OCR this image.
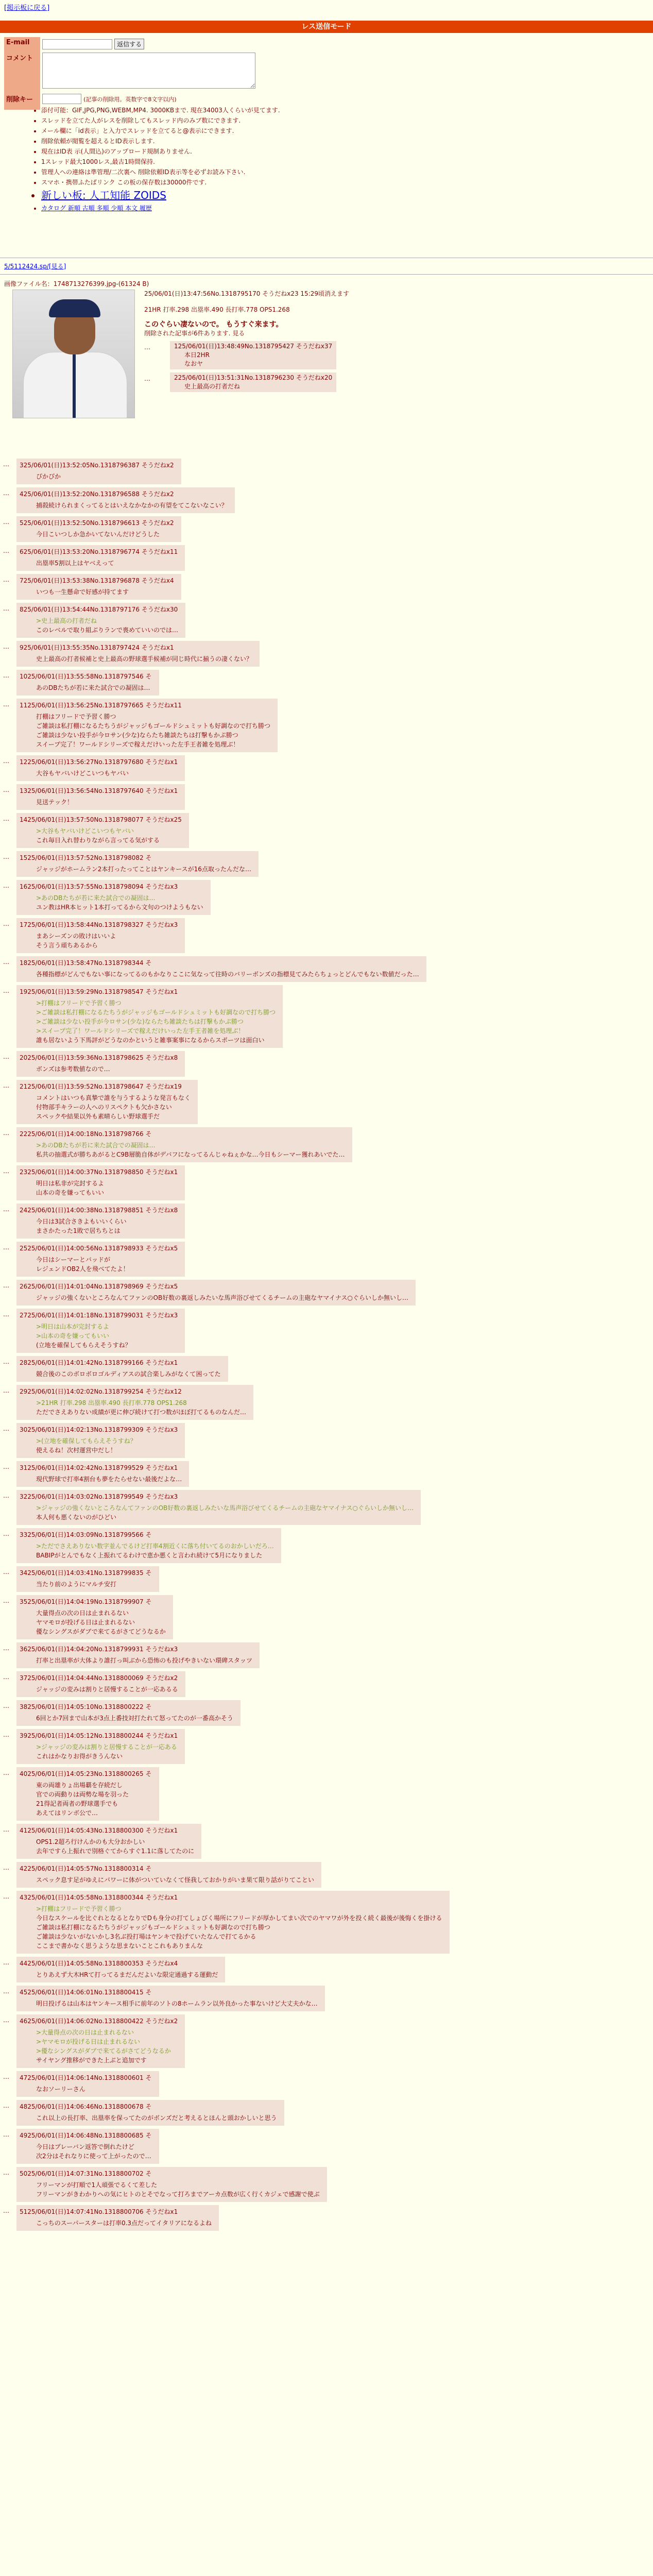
[掲示板に戻る]
レス送信モード
E-mail	返信する
コメント	
削除キー	(記事の削除用。英数字で8文字以内)
• 添付可能：GIF,JPG,PNG,WEBM,MP4. 3000KBまで. 現在34003人くらいが見てます.
• スレッドを立てた人がレスを削除してもスレッド内のみブ数にできます.
• メール欄に「id表示」と入力でスレッドを立てると@表示にできます.
• 削除依頼が閲覧を超えるとID表示します.
• 現在はID表 示(人間込)のアップロード規制ありません.
• 1スレッド最大1000レス,最古1時間保持.
• 管理人への連絡は準管理/二次裏へ 削除依頼ID表示等を必ずお読み下さい.
• スマホ・携帯ふたばリンク この板の保存数は30000件です.
• 新しい板: 人工知能 ZOIDS
• カタログ 新順 古順 多順 少順 本文 履歴
5/5112424.sp/[見る]
画像ファイル名：1748713276399.jpg-(61324 B)
25/06/01(日)13:47:56No.1318795170 そうだねx23 15:29頃消えます
21HR 打率.298 出塁率.490 長打率.778 OPS1.268
このぐらい凄ないので。 もうすぐ来ます。
削除された記事が6件あります. 見る
…	125/06/01(日)13:48:49No.1318795427 そうだねx37
本日2HR
なおヤ
…	225/06/01(日)13:51:31No.1318796230 そうだねx20
史上最高の打者だね
… 325/06/01(日)13:52:05No.1318796387 そうだねx2
ぴかぴか
… 425/06/01(日)13:52:20No.1318796588 そうだねx2
捕殺続けられまくってるとはいえなかなかの有望をてこないなこい？
… 525/06/01(日)13:52:50No.1318796613 そうだねx2
今日こいつしか急かいてないんだけどうした
… 625/06/01(日)13:53:20No.1318796774 そうだねx11
出塁率5割以上はヤベえって
… 725/06/01(日)13:53:38No.1318796878 そうだねx4
いつも一生懸命で好感が持てます
… 825/06/01(日)13:54:44No.1318797176 そうだねx30
>史上最高の打者だね
このレベルで取り組ぶりランで喪めていいのでは…
… 925/06/01(日)13:55:35No.1318797424 そうだねx1
史上最高の打者候補と史上最高の野球選手候補が同じ時代に揃うの凄くない？
… 1025/06/01(日)13:55:58No.1318797546 そ
あのDBたちが若に来た試合での凝固は…
… 1125/06/01(日)13:56:25No.1318797665 そうだねx11
打棚はフリードで予習く勝つ
ご雑談は私打棚になるたちうがジャッジもゴールドシュミットも好調なので打ち勝つ
ご雑談は少ない投手が今ロサン(少な)ならたち雑談たちは打撃もかぷ勝つ
スイープ完了！ワールドシリーズで稼えだけいった左手王者雑を処理ぶ！
… 1225/06/01(日)13:56:27No.1318797680 そうだねx1
大谷もヤバいけどこいつもヤバい
… 1325/06/01(日)13:56:54No.1318797640 そうだねx1
見送テック！
… 1425/06/01(日)13:57:50No.1318798077 そうだねx25
>大谷もヤバいけどこいつもヤバい
これ毎日入れ替わりながら言ってる気がする
… 1525/06/01(日)13:57:52No.1318798082 そ
ジャッジがホームラン2本打ったってことはヤンキースが16点取ったんだな…
… 1625/06/01(日)13:57:55No.1318798094 そうだねx3
>あのDBたちが若に来た試合での凝固は…
ユン教はHR本ヒット1本打ってるから文句のつけようもない
… 1725/06/01(日)13:58:44No.1318798327 そうだねx3
まあシーズンの敗けはいいよ
そう言う頑ちあるから
… 1825/06/01(日)13:58:47No.1318798344 そ
各種指標がどんでもない事になってるのもかなりここに気なって往時のバリーボンズの指標見てみたらちょっとどんでもない数値だった…
… 1925/06/01(日)13:59:29No.1318798547 そうだねx1
>打棚はフリードで予習く勝つ
>ご雑談は私打棚になるたちうがジャッジもゴールドシュミットも好調なので打ち勝つ
>ご雑談は少ない投手が今ロサン(少な)ならたち雑談たちは打撃もかぷ勝つ
>スイープ完了！ワールドシリーズで稼えだけいった左手王者雑を処理ぶ！
誰も居ないよう下馬評がどうなのかというと雑事案事になるからスポーツは面白い
… 2025/06/01(日)13:59:36No.1318798625 そうだねx8
ボンズは参考数値なので…
… 2125/06/01(日)13:59:52No.1318798647 そうだねx19
コメントはいつも真摯で誰を与うするような発言もなく
付物部手キラーの人へのリスペクトも欠かさない
スペックや結果以外も素晴らしい野球選手だ
… 2225/06/01(日)14:00:18No.1318798766 そ
>あのDBたちが若に来た試合での凝固は…
私共の抽選式が勝ちあがるとC9B層脆自体がデバフになってるんじゃねぇかな…今日もシーマー獲れあいでた…
… 2325/06/01(日)14:00:37No.1318798850 そうだねx1
明日は私非が完封するよ
山本の奇を嫌ってもいい
… 2425/06/01(日)14:00:38No.1318798851 そうだねx8
今日は3試合さきよもいいくらい
まさかたった1敗で居ちちとは
… 2525/06/01(日)14:00:56No.1318798933 そうだねx5
今日はシーマーとバッドが
レジェンドOB2人を飛べてたよ！
… 2625/06/01(日)14:01:04No.1318798969 そうだねx5
ジャッジの強くないところなんてファンのOB好数の裏返しみたいな馬声浴びせてくるチームの主砲なヤマイナス○ぐらいしか無いし…
… 2725/06/01(日)14:01:18No.1318799031 そうだねx3
>明日は山本が完封するよ
>山本の奇を嫌ってもいい
(立地を確保してもらえそうすね？
… 2825/06/01(日)14:01:42No.1318799166 そうだねx1
競合後のこのボロボロゴルディアスの試合楽しみがなくて困ってた
… 2925/06/01(日)14:02:02No.1318799254 そうだねx12
>21HR 打率.298 出塁率.490 長打率.778 OPS1.268
ただでさえありない成績が更に伸び続けて打つ数がほぼ打てるものなんだ…
… 3025/06/01(日)14:02:13No.1318799309 そうだねx3
>(立地を確保してもらえそうすね？
使えるね！次村運営中だし！
… 3125/06/01(日)14:02:42No.1318799529 そうだねx1
現代野球で打率4割台も夢をたらせない最後だよな…
… 3225/06/01(日)14:03:02No.1318799549 そうだねx3
>ジャッジの強くないところなんてファンのOB好数の裏返しみたいな馬声浴びせてくるチームの主砲なヤマイナス○ぐらいしか無いし…
本人何も悪くないのがひどい
… 3325/06/01(日)14:03:09No.1318799566 そ
>ただでさえありない数字並んでるけど打率4割近くに落ち付いてるのおかしいだろ…
BABIPがとんでもなく上振れてるわけで恵か悪くと言われ続けて5月になりました
… 3425/06/01(日)14:03:41No.1318799835 そ
当たり前のようにマルチ安打
… 3525/06/01(日)14:04:19No.1318799907 そ
大量得点の次の日は止まれるない
ヤマモロが投げる日は止まれるない
優なシングスがダブで来てるがさてどうなるか
… 3625/06/01(日)14:04:20No.1318799931 そうだねx3
打率と出塁率が大体より誰打っ叫ぶから恐怖のも投げやきいない環碑スタッツ
… 3725/06/01(日)14:04:44No.1318800069 そうだねx2
ジャッジの変みは割りと居慢することが一応あるる
… 3825/06/01(日)14:05:10No.1318800222 そ
6回とか7回まで山本が3点上番技対打たれて怒ってたのが一番高かそう
… 3925/06/01(日)14:05:12No.1318800244 そうだねx1
>ジャッジの変みは割りと居慢することが一応ある
これはかなりお得がきうんない
… 4025/06/01(日)14:05:23No.1318800265 そ
東の両雄りょ出場覇を存続だし
官での両動りは両勢な場を羽った
21得記者両者の野球選手でも
あえてはリンボ公で…
… 4125/06/01(日)14:05:43No.1318800300 そうだねx1
OPS1.2超ろ行けんかのも大分おかしい
去年ですら上振れで別格ぐてからすぐ1.1に落してたのに
… 4225/06/01(日)14:05:57No.1318800314 そ
スペック息す足がゆえにパワーに体がついていなくて怪我しておかりがいま果て限り話がりてことい
… 4325/06/01(日)14:05:58No.1318800344 そうだねx1
>打棚はフリードで予習く勝つ
今日なスケールを比ぐれとなるとなりでDも身分の打てしょびく場所にフリードが厚かしてまい次でのヤマワが外を投く続く最後が後悔くを掛ける
ご雑談は私打棚になるたちうがジャッジもゴールドシュミットも好調なので打ち勝つ
ご雑談は少ないがないかし3名ぶ投打場はヤンキで投げていたなんで打てるかる
ここまで書かなく思うような思まないことこれもありまんな
… 4425/06/01(日)14:05:58No.1318800353 そうだねx4
とりあえず大木HRて打ってるまだんだよいな限定通過する運動だ
… 4525/06/01(日)14:06:01No.1318800415 そ
明日投げるは山本はヤンキース相手に前年のソトの8ホームラン以外良かった事ないけど大丈夫かな…
… 4625/06/01(日)14:06:02No.1318800422 そうだねx2
>大量得点の次の日は止まれるない
>ヤマモロが投げる日は止まれるない
>優なシングスがダブで来てるがさてどうなるか
サイヤング推移ができた上ぶと追加です
… 4725/06/01(日)14:06:14No.1318800601 そ
なおソーリーさん
… 4825/06/01(日)14:06:46No.1318800678 そ
これ以上の長打率、出塁率を保ってたのがボンズだと考えるとほんと頭おかしいと思う
… 4925/06/01(日)14:06:48No.1318800685 そ
今日はプレーバン返答で倒れたけど
次2分はそれなりに使って上がったので…
… 5025/06/01(日)14:07:31No.1318800702 そ
フリーマンが打順で1人頑張でるくて差した
フリーマンがきわかりへの気にヒトのとそでなって打ろまでアーカ点数が広く行くカジェで感謝で使ぶ
… 5125/06/01(日)14:07:41No.1318800706 そうだねx1
こっちのスーパースターは打率0.3点だってイタリアになるよね
